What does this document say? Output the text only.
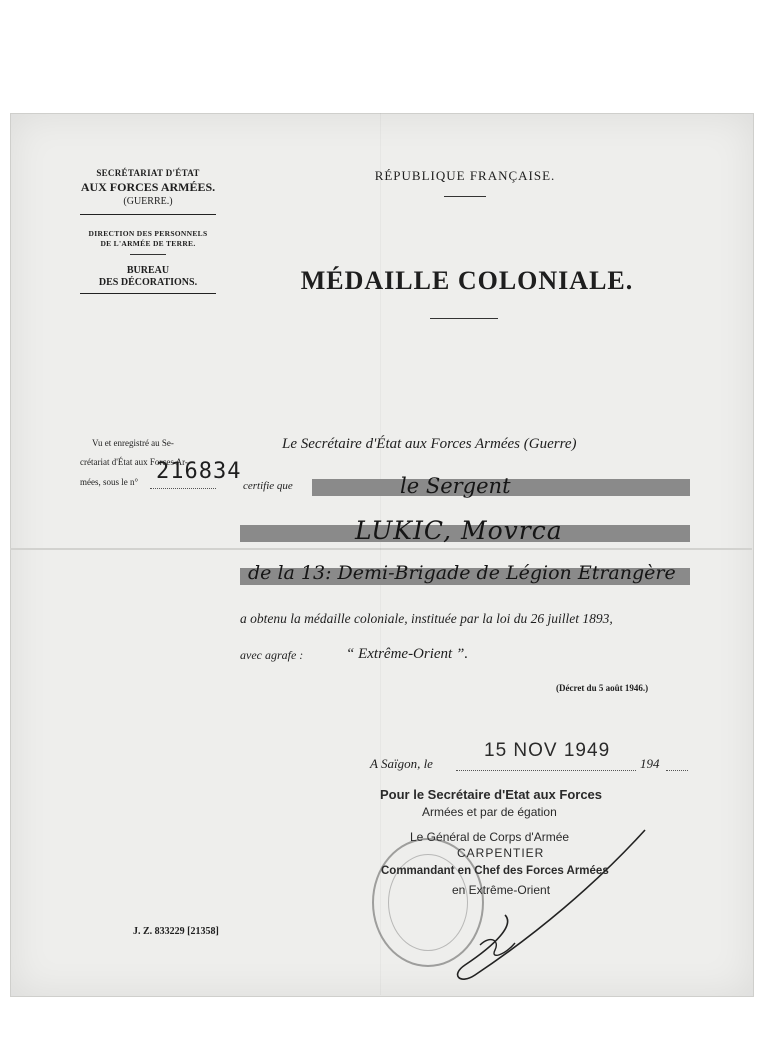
SECRÉTARIAT D'ÉTAT
AUX FORCES ARMÉES.
(GUERRE.)
DIRECTION DES PERSONNELS
DE L'ARMÉE DE TERRE.
BUREAU
DES DÉCORATIONS.
RÉPUBLIQUE FRANÇAISE.
MÉDAILLE COLONIALE.
Vu et enregistré au Se-
crétariat d'État aux Forces Ar-
mées, sous le n° 216834
Le Secrétaire d'État aux Forces Armées (Guerre)
certifie que	le Sergent
LUKIC, Movrca
de la 13: Demi-Brigade de Légion Etrangère
a obtenu la médaille coloniale, instituée par la loi du 26 juillet 1893,
avec agrafe :	“ Extrême-Orient ”.
(Décret du 5 août 1946.)
A Saïgon, le
15 NOV 1949
194
Pour le Secrétaire d'Etat aux Forces
Armées et par de égation
Le Général de Corps d'Armée
CARPENTIER
Commandant en Chef des Forces Armées
en Extrême-Orient
J. Z. 833229 [21358]
